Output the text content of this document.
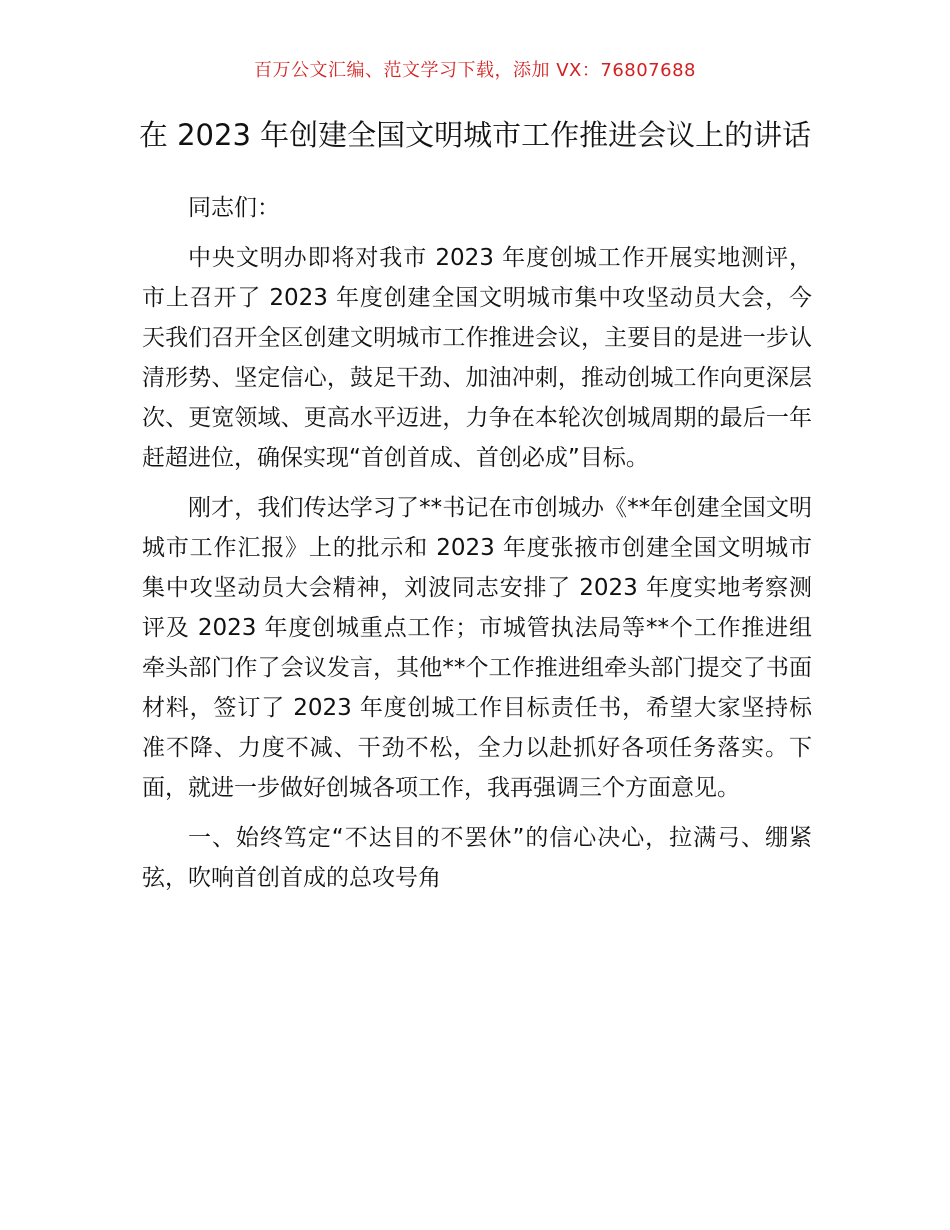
百万公文汇编、范文学习下载，添加 VX：76807688
在 2023 年创建全国文明城市工作推进会议上的讲话

同志们：

中央文明办即将对我市 2023 年度创城工作开展实地测评，市上召开了 2023 年度创建全国文明城市集中攻坚动员大会，今天我们召开全区创建文明城市工作推进会议，主要目的是进一步认清形势、坚定信心，鼓足干劲、加油冲刺，推动创城工作向更深层次、更宽领域、更高水平迈进，力争在本轮次创城周期的最后一年赶超进位，确保实现“首创首成、首创必成”目标。

刚才，我们传达学习了**书记在市创城办《**年创建全国文明城市工作汇报》上的批示和 2023 年度张掖市创建全国文明城市集中攻坚动员大会精神，刘波同志安排了 2023 年度实地考察测评及 2023 年度创城重点工作；市城管执法局等**个工作推进组牵头部门作了会议发言，其他**个工作推进组牵头部门提交了书面材料，签订了 2023 年度创城工作目标责任书，希望大家坚持标准不降、力度不减、干劲不松，全力以赴抓好各项任务落实。下面，就进一步做好创城各项工作，我再强调三个方面意见。

一、始终笃定“不达目的不罢休”的信心决心，拉满弓、绷紧弦，吹响首创首成的总攻号角
